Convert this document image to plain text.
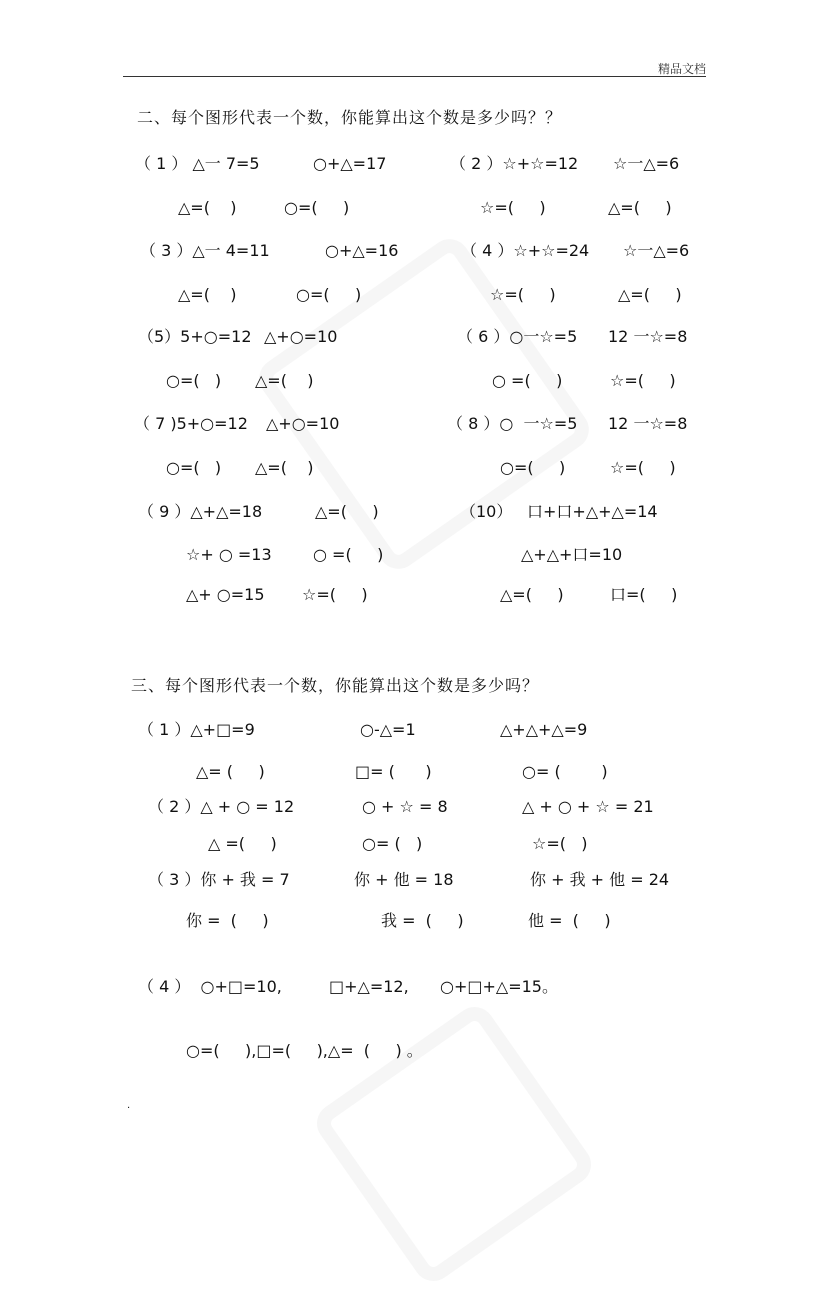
精品文档
二、每个图形代表一个数，你能算出这个数是多少吗？？
（ 1 ） △一 7=5	○+△=17	（ 2 ）☆+☆=12 ☆一△=6
△=(    )	○=(     )	☆=(     )	△=(     )
（ 3 ）△一 4=11	○+△=16	（ 4 ）☆+☆=24 ☆一△=6
△=(    )	○=(     )	☆=(     )	△=(     )
（5）5+○=12 △+○=10	（ 6 ）○一☆=5 12 一☆=8
○=(   ) △=(    )	○ =(     )	☆=(     )
（ 7 )5+○=12 △+○=10	（ 8 ）○  一☆=5 12 一☆=8
○=(   ) △=(    )	○=(     )	☆=(     )
（ 9 ）△+△=18	△=(     )	（10） 口+口+△+△=14
☆+ ○ =13	○ =(     )	△+△+口=10
△+ ○=15 ☆=(     )	△=(     )	口=(     )
三、每个图形代表一个数，你能算出这个数是多少吗？
（ 1 ）△+□=9	○-△=1	△+△+△=9
△= (     )	□= (      )	○= (        )
（ 2 ）△ + ○ = 12	○ + ☆ = 8	△ + ○ + ☆ = 21
△ =(     )	○= (   )	☆=(   )
（ 3 ）你 + 我 = 7	你 + 他 = 18	你 + 我 + 他 = 24
你 =  (     )	我 =  (     )	他 =  (     )
（ 4 ）  ○+□=10,	□+△=12, ○+□+△=15。
○=(     ),□=(     ),△=  (     ) 。
.
